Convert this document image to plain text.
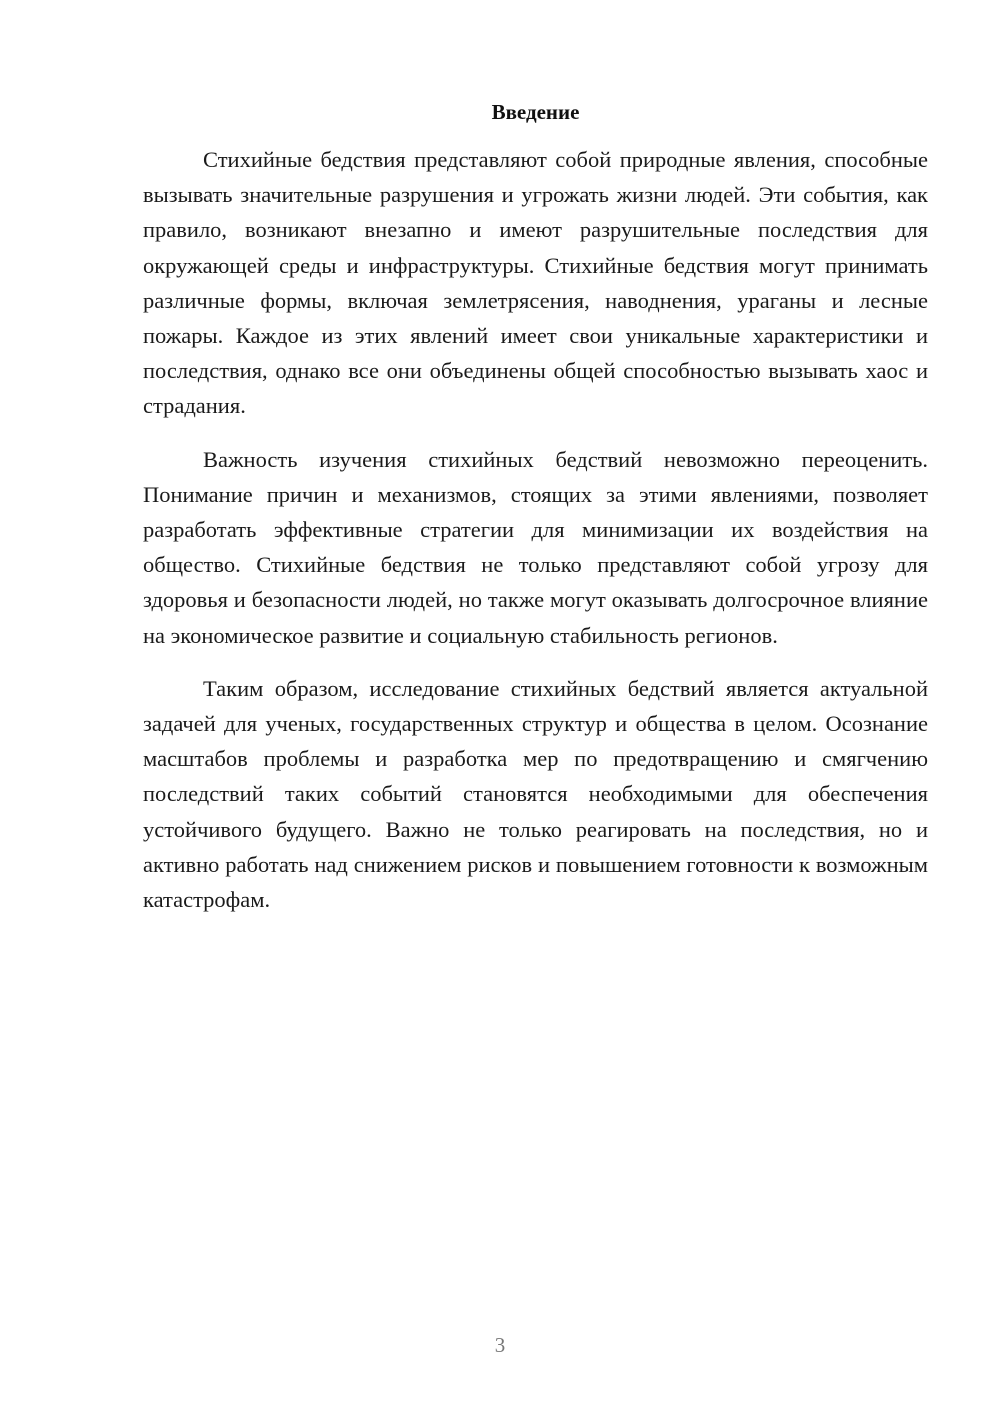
Введение

Стихийные бедствия представляют собой природные явления, способные вызывать значительные разрушения и угрожать жизни людей. Эти события, как правило, возникают внезапно и имеют разрушительные последствия для окружающей среды и инфраструктуры. Стихийные бедствия могут принимать различные формы, включая землетрясения, наводнения, ураганы и лесные пожары. Каждое из этих явлений имеет свои уникальные характеристики и последствия, однако все они объединены общей способностью вызывать хаос и страдания.

Важность изучения стихийных бедствий невозможно переоценить. Понимание причин и механизмов, стоящих за этими явлениями, позволяет разработать эффективные стратегии для минимизации их воздействия на общество. Стихийные бедствия не только представляют собой угрозу для здоровья и безопасности людей, но также могут оказывать долгосрочное влияние на экономическое развитие и социальную стабильность регионов.

Таким образом, исследование стихийных бедствий является актуальной задачей для ученых, государственных структур и общества в целом. Осознание масштабов проблемы и разработка мер по предотвращению и смягчению последствий таких событий становятся необходимыми для обеспечения устойчивого будущего. Важно не только реагировать на последствия, но и активно работать над снижением рисков и повышением готовности к возможным катастрофам.

3
